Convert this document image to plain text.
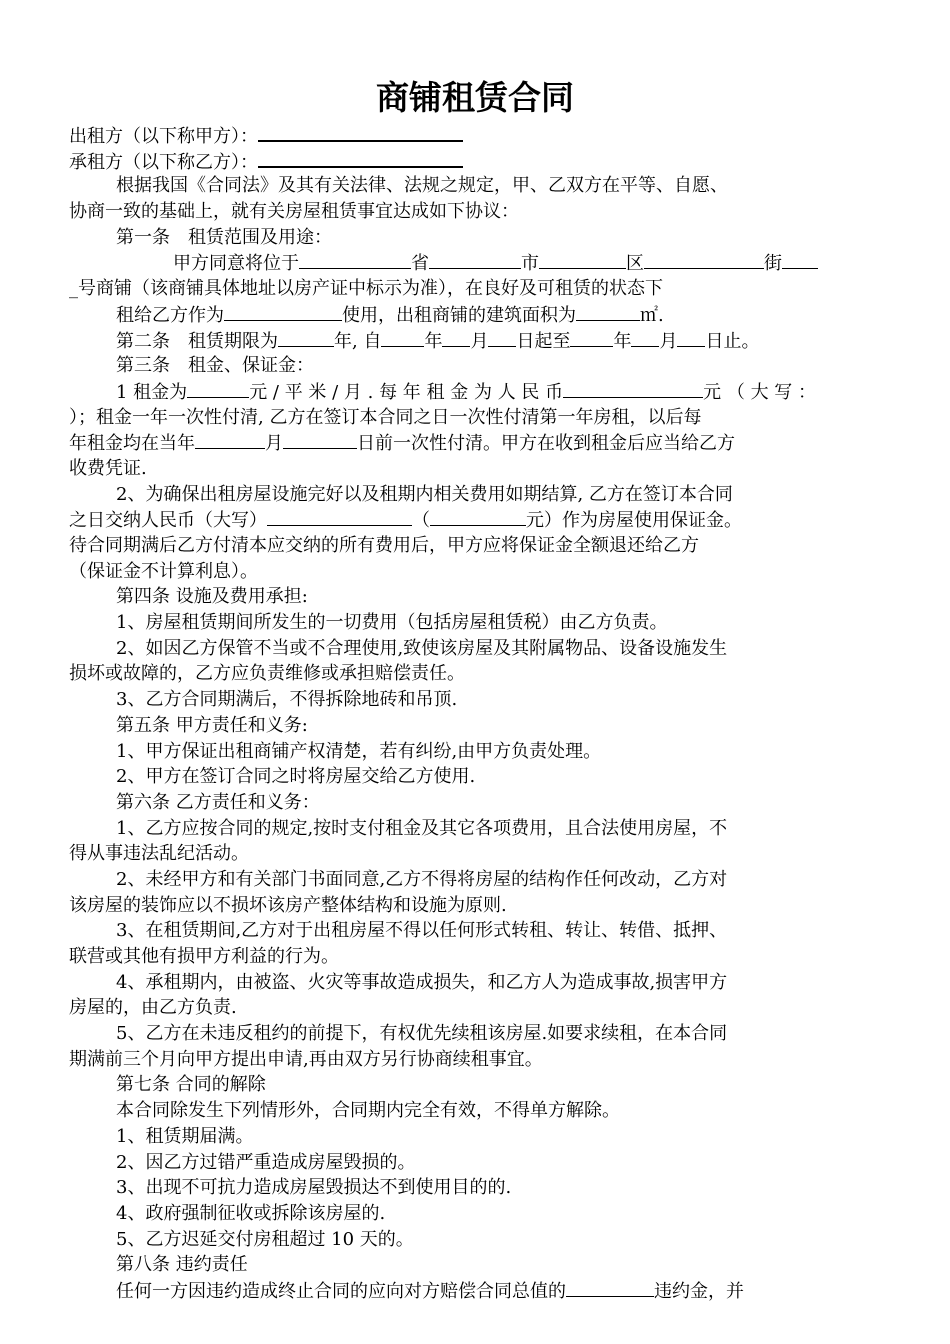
商铺租赁合同
出租方（以下称甲方）：
承租方（以下称乙方）：
根据我国《合同法》及其有关法律、法规之规定，甲、乙双方在平等、自愿、
协商一致的基础上，就有关房屋租赁事宜达成如下协议：
第一条　租赁范围及用途：
甲方同意将位于	省	市	区	街
_号商铺（该商铺具体地址以房产证中标示为准），在良好及可租赁的状态下
租给乙方作为	使用，出租商铺的建筑面积为	㎡.
第二条　租赁期限为	年, 自 年 月 日起至 年 月 日止。
第三条　租金、保证金：
1 租金为	元 / 平 米 / 月 . 每 年 租 金 为 人 民 币	元 （ 大 写 ：
）；租金一年一次性付清, 乙方在签订本合同之日一次性付清第一年房租，以后每
年租金均在当年	月	日前一次性付清。甲方在收到租金后应当给乙方
收费凭证.
2、为确保出租房屋设施完好以及租期内相关费用如期结算, 乙方在签订本合同
之日交纳人民币（大写）	（	元）作为房屋使用保证金。
待合同期满后乙方付清本应交纳的所有费用后，甲方应将保证金全额退还给乙方
（保证金不计算利息）。
第四条 设施及费用承担:
1、房屋租赁期间所发生的一切费用（包括房屋租赁税）由乙方负责。
2、如因乙方保管不当或不合理使用,致使该房屋及其附属物品、设备设施发生
损坏或故障的，乙方应负责维修或承担赔偿责任。
3、乙方合同期满后，不得拆除地砖和吊顶.
第五条 甲方责任和义务:
1、甲方保证出租商铺产权清楚，若有纠纷,由甲方负责处理。
2、甲方在签订合同之时将房屋交给乙方使用.
第六条 乙方责任和义务：
1、乙方应按合同的规定,按时支付租金及其它各项费用，且合法使用房屋，不
得从事违法乱纪活动。
2、未经甲方和有关部门书面同意,乙方不得将房屋的结构作任何改动，乙方对
该房屋的装饰应以不损坏该房产整体结构和设施为原则.
3、在租赁期间,乙方对于出租房屋不得以任何形式转租、转让、转借、抵押、
联营或其他有损甲方利益的行为。
4、承租期内，由被盗、火灾等事故造成损失，和乙方人为造成事故,损害甲方
房屋的，由乙方负责.
5、乙方在未违反租约的前提下，有权优先续租该房屋.如要求续租，在本合同
期满前三个月向甲方提出申请,再由双方另行协商续租事宜。
第七条 合同的解除
本合同除发生下列情形外，合同期内完全有效，不得单方解除。
1、租赁期届满。
2、因乙方过错严重造成房屋毁损的。
3、出现不可抗力造成房屋毁损达不到使用目的的.
4、政府强制征收或拆除该房屋的.
5、乙方迟延交付房租超过 10 天的。
第八条 违约责任
任何一方因违约造成终止合同的应向对方赔偿合同总值的	违约金，并
